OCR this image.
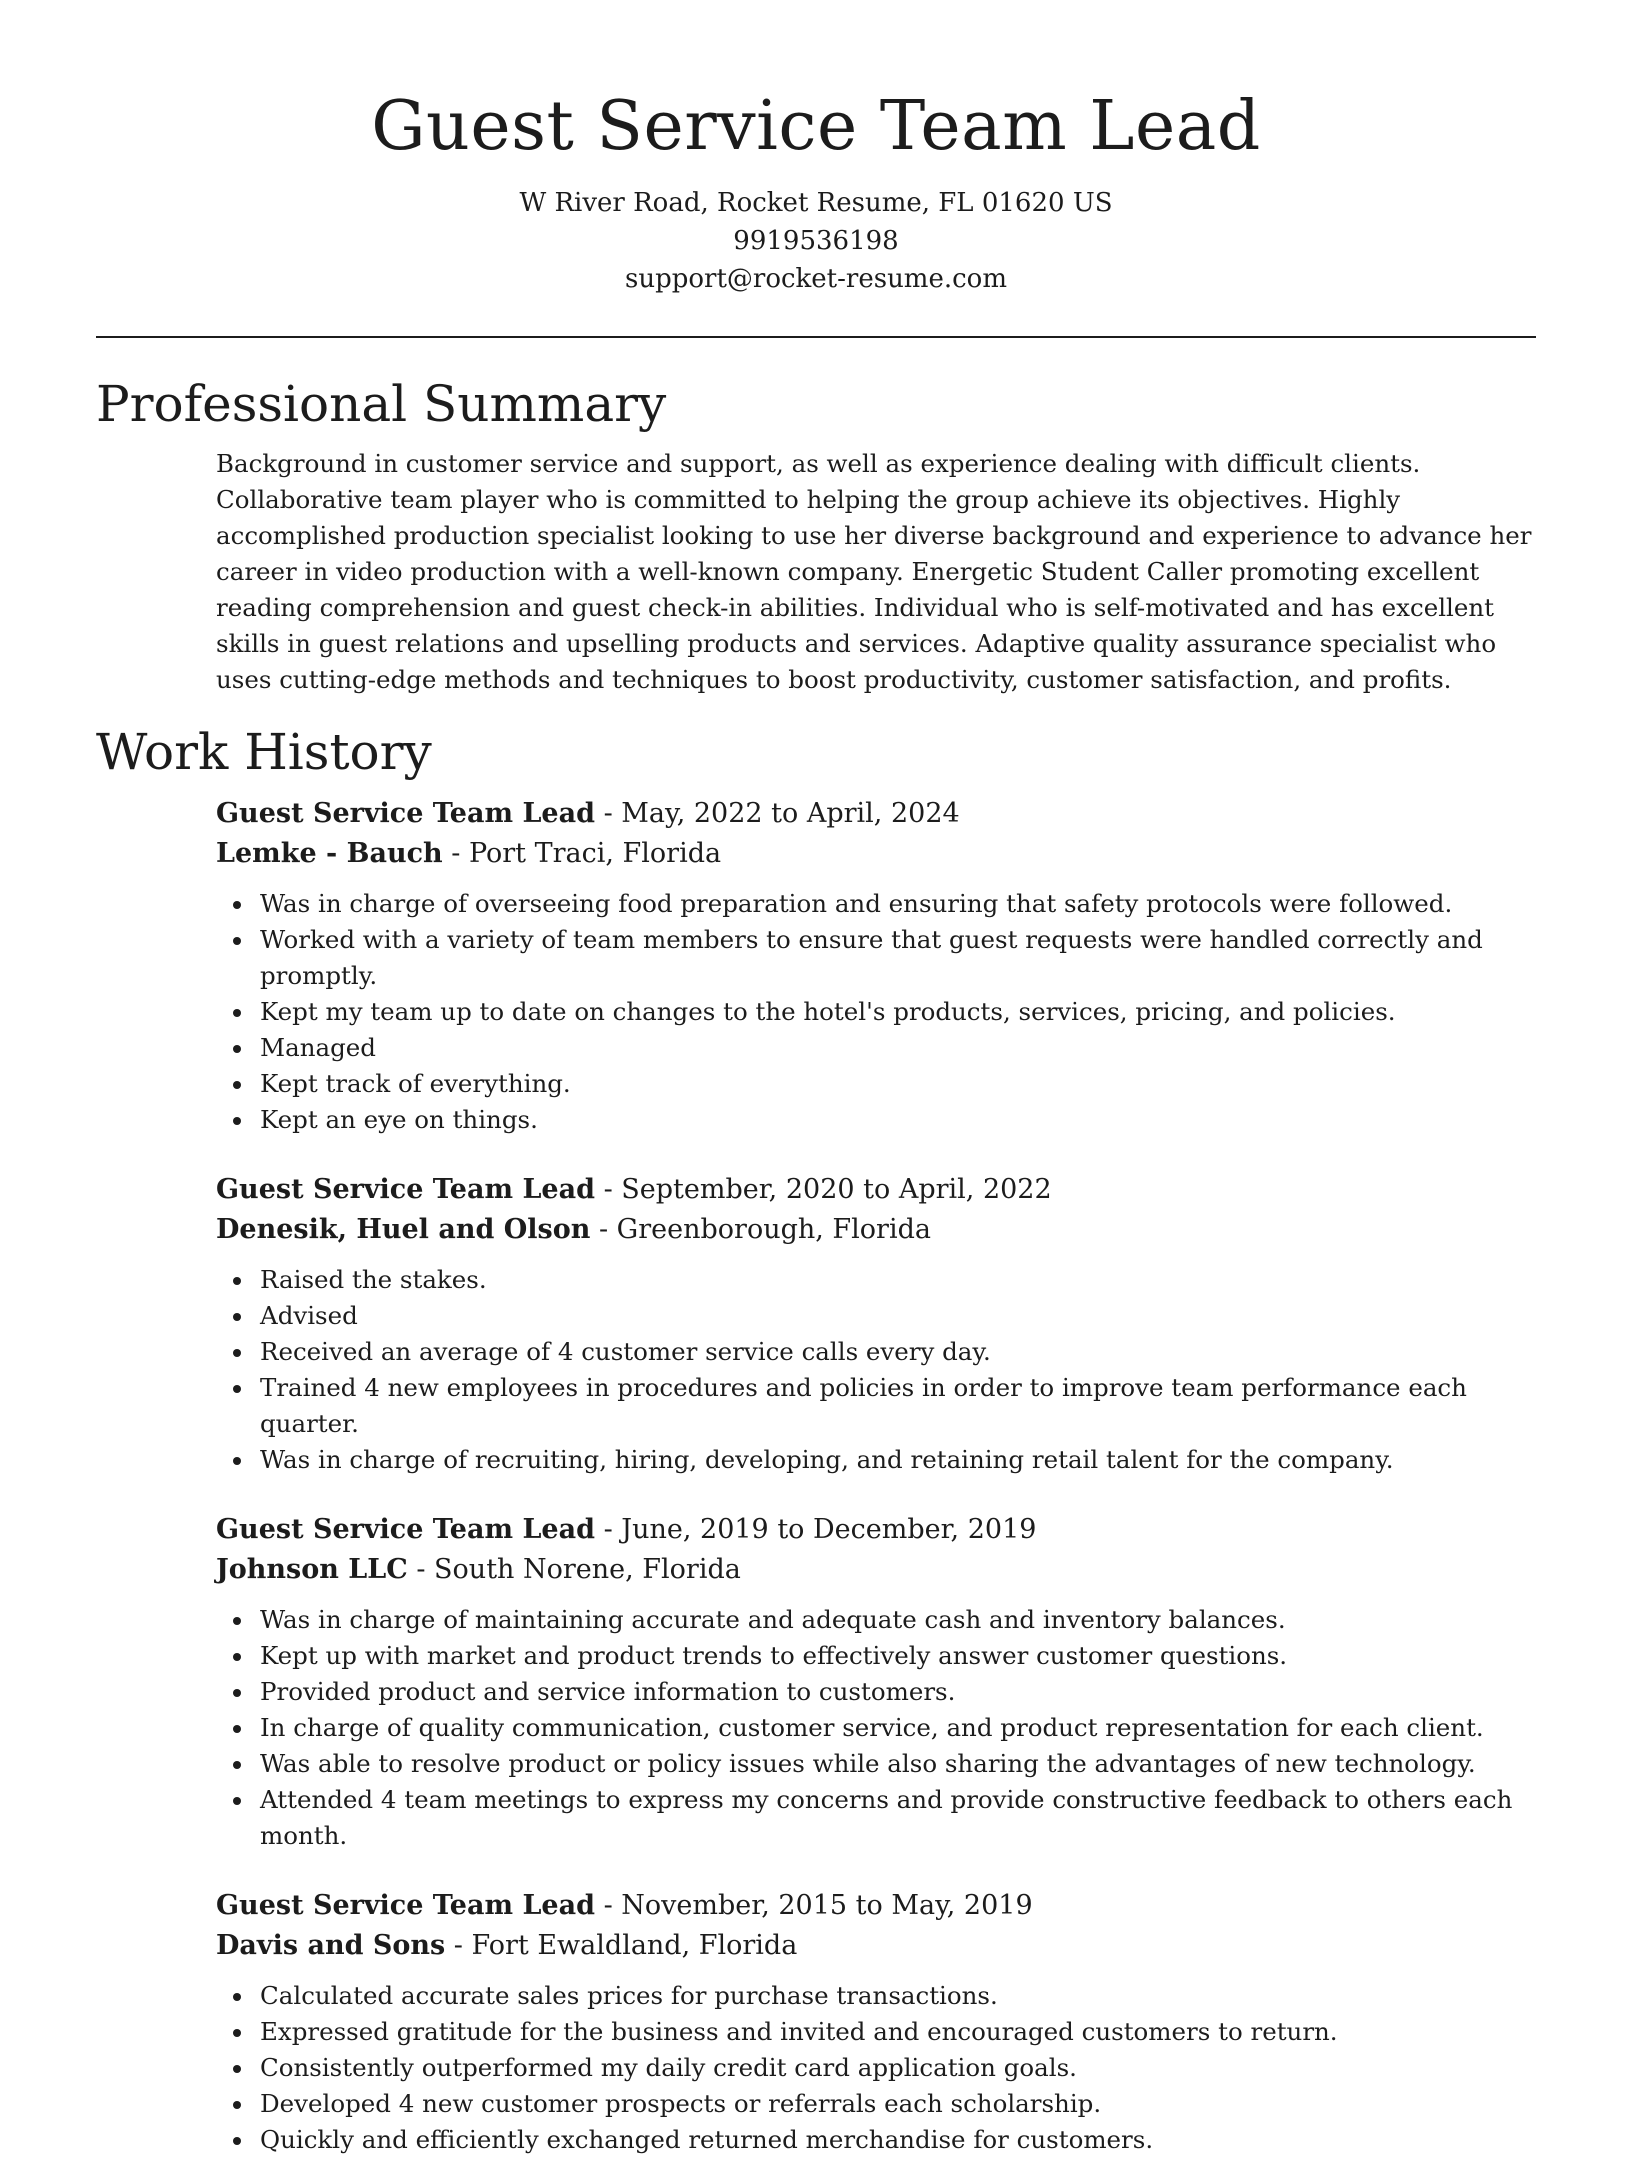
Guest Service Team Lead

W River Road, Rocket Resume, FL 01620 US

9919536198

support@rocket-resume.com

Professional Summary

Background in customer service and support, as well as experience dealing with difficult clients. Collaborative team player who is committed to helping the group achieve its objectives. Highly accomplished production specialist looking to use her diverse background and experience to advance her career in video production with a well-known company. Energetic Student Caller promoting excellent reading comprehension and guest check-in abilities. Individual who is self-motivated and has excellent skills in guest relations and upselling products and services. Adaptive quality assurance specialist who uses cutting-edge methods and techniques to boost productivity, customer satisfaction, and profits.

Work History

Guest Service Team Lead - May, 2022 to April, 2024

Lemke - Bauch - Port Traci, Florida

Was in charge of overseeing food preparation and ensuring that safety protocols were followed.
Worked with a variety of team members to ensure that guest requests were handled correctly and promptly.
Kept my team up to date on changes to the hotel's products, services, pricing, and policies.
Managed
Kept track of everything.
Kept an eye on things.

Guest Service Team Lead - September, 2020 to April, 2022

Denesik, Huel and Olson - Greenborough, Florida

Raised the stakes.
Advised
Received an average of 4 customer service calls every day.
Trained 4 new employees in procedures and policies in order to improve team performance each quarter.
Was in charge of recruiting, hiring, developing, and retaining retail talent for the company.

Guest Service Team Lead - June, 2019 to December, 2019

Johnson LLC - South Norene, Florida

Was in charge of maintaining accurate and adequate cash and inventory balances.
Kept up with market and product trends to effectively answer customer questions.
Provided product and service information to customers.
In charge of quality communication, customer service, and product representation for each client.
Was able to resolve product or policy issues while also sharing the advantages of new technology.
Attended 4 team meetings to express my concerns and provide constructive feedback to others each month.

Guest Service Team Lead - November, 2015 to May, 2019

Davis and Sons - Fort Ewaldland, Florida

Calculated accurate sales prices for purchase transactions.
Expressed gratitude for the business and invited and encouraged customers to return.
Consistently outperformed my daily credit card application goals.
Developed 4 new customer prospects or referrals each scholarship.
Quickly and efficiently exchanged returned merchandise for customers.
